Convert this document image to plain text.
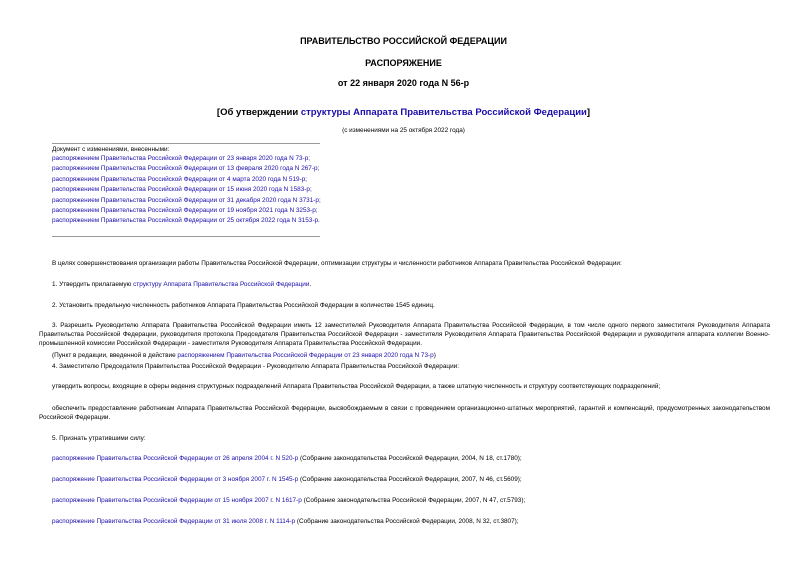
ПРАВИТЕЛЬСТВО РОССИЙСКОЙ ФЕДЕРАЦИИ
РАСПОРЯЖЕНИЕ
от 22 января 2020 года N 56-р
[Об утверждении структуры Аппарата Правительства Российской Федерации]
(с изменениями на 25 октября 2022 года)
Документ с изменениями, внесенными:
распоряжением Правительства Российской Федерации от 23 января 2020 года N 73-р;
распоряжением Правительства Российской Федерации от 13 февраля 2020 года N 267-р;
распоряжением Правительства Российской Федерации от 4 марта 2020 года N 519-р;
распоряжением Правительства Российской Федерации от 15 июня 2020 года N 1583-р;
распоряжением Правительства Российской Федерации от 31 декабря 2020 года N 3731-р;
распоряжением Правительства Российской Федерации от 19 ноября 2021 года N 3253-р;
распоряжением Правительства Российской Федерации от 25 октября 2022 года N 3153-р.
В целях совершенствования организации работы Правительства Российской Федерации, оптимизации структуры и численности работников Аппарата Правительства Российской Федерации:
1. Утвердить прилагаемую структуру Аппарата Правительства Российской Федерации.
2. Установить предельную численность работников Аппарата Правительства Российской Федерации в количестве 1545 единиц.
3. Разрешить Руководителю Аппарата Правительства Российской Федерации иметь 12 заместителей Руководителя Аппарата Правительства Российской Федерации, в том числе одного первого заместителя Руководителя Аппарата Правительства Российской Федерации, руководителя протокола Председателя Правительства Российской Федерации - заместителя Руководителя Аппарата Правительства Российской Федерации и руководителя аппарата коллегии Военно-промышленной комиссии Российской Федерации - заместителя Руководителя Аппарата Правительства Российской Федерации.
(Пункт в редакции, введенной в действие распоряжением Правительства Российской Федерации от 23 января 2020 года N 73-р)
4. Заместителю Председателя Правительства Российской Федерации - Руководителю Аппарата Правительства Российской Федерации:
утвердить вопросы, входящие в сферы ведения структурных подразделений Аппарата Правительства Российской Федерации, а также штатную численность и структуру соответствующих подразделений;
обеспечить предоставление работникам Аппарата Правительства Российской Федерации, высвобождаемым в связи с проведением организационно-штатных мероприятий, гарантий и компенсаций, предусмотренных законодательством Российской Федерации.
5. Признать утратившими силу:
распоряжение Правительства Российской Федерации от 26 апреля 2004 г. N 520-р (Собрание законодательства Российской Федерации, 2004, N 18, ст.1780);
распоряжение Правительства Российской Федерации от 3 ноября 2007 г. N 1545-р (Собрание законодательства Российской Федерации, 2007, N 46, ст.5609);
распоряжение Правительства Российской Федерации от 15 ноября 2007 г. N 1617-р (Собрание законодательства Российской Федерации, 2007, N 47, ст.5793);
распоряжение Правительства Российской Федерации от 31 июля 2008 г. N 1114-р (Собрание законодательства Российской Федерации, 2008, N 32, ст.3807);
